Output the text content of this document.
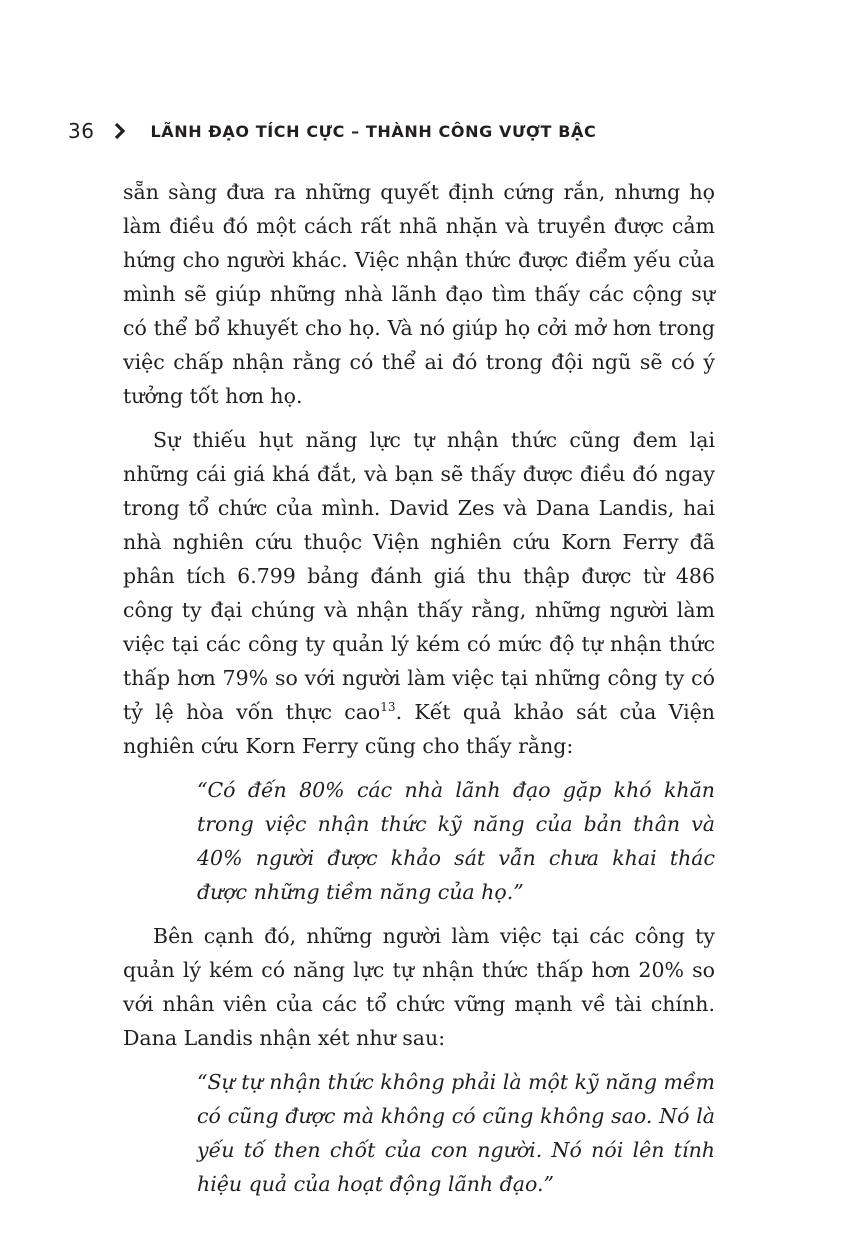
36	LÃNH ĐẠO TÍCH CỰC – THÀNH CÔNG VƯỢT BẬC

sẵn sàng đưa ra những quyết định cứng rắn, nhưng họ làm điều đó một cách rất nhã nhặn và truyền được cảm hứng cho người khác. Việc nhận thức được điểm yếu của mình sẽ giúp những nhà lãnh đạo tìm thấy các cộng sự có thể bổ khuyết cho họ. Và nó giúp họ cởi mở hơn trong việc chấp nhận rằng có thể ai đó trong đội ngũ sẽ có ý tưởng tốt hơn họ.

Sự thiếu hụt năng lực tự nhận thức cũng đem lại những cái giá khá đắt, và bạn sẽ thấy được điều đó ngay trong tổ chức của mình. David Zes và Dana Landis, hai nhà nghiên cứu thuộc Viện nghiên cứu Korn Ferry đã phân tích 6.799 bảng đánh giá thu thập được từ 486 công ty đại chúng và nhận thấy rằng, những người làm việc tại các công ty quản lý kém có mức độ tự nhận thức thấp hơn 79% so với người làm việc tại những công ty có tỷ lệ hòa vốn thực cao$^{13}$. Kết quả khảo sát của Viện nghiên cứu Korn Ferry cũng cho thấy rằng:

“Có đến 80% các nhà lãnh đạo gặp khó khăn trong việc nhận thức kỹ năng của bản thân và 40% người được khảo sát vẫn chưa khai thác được những tiềm năng của họ.”

Bên cạnh đó, những người làm việc tại các công ty quản lý kém có năng lực tự nhận thức thấp hơn 20% so với nhân viên của các tổ chức vững mạnh về tài chính. Dana Landis nhận xét như sau:

“Sự tự nhận thức không phải là một kỹ năng mềm có cũng được mà không có cũng không sao. Nó là yếu tố then chốt của con người. Nó nói lên tính hiệu quả của hoạt động lãnh đạo.”
